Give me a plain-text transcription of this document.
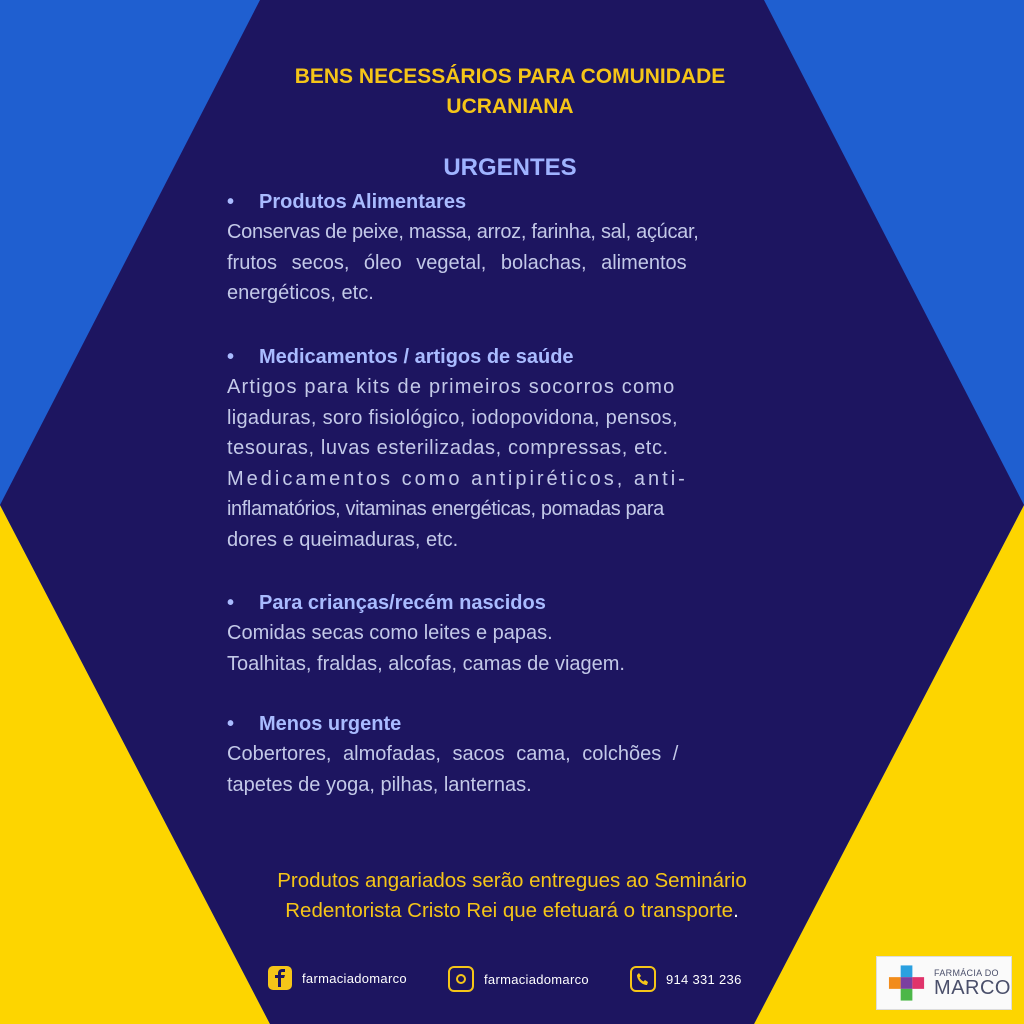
BENS NECESSÁRIOS PARA COMUNIDADE
UCRANIANA
URGENTES
•	Produtos Alimentares
Conservas de peixe, massa, arroz, farinha, sal, açúcar,
frutos secos, óleo vegetal, bolachas, alimentos
energéticos, etc.
•	Medicamentos / artigos de saúde
Artigos para kits de primeiros socorros como
ligaduras, soro fisiológico, iodopovidona, pensos,
tesouras, luvas esterilizadas, compressas, etc.
Medicamentos como antipiréticos, anti-
inflamatórios, vitaminas energéticas, pomadas para
dores e queimaduras, etc.
•	Para crianças/recém nascidos
Comidas secas como leites e papas.
Toalhitas, fraldas, alcofas, camas de viagem.
•	Menos urgente
Cobertores, almofadas, sacos cama, colchões /
tapetes de yoga, pilhas, lanternas.
Produtos angariados serão entregues ao Seminário
Redentorista Cristo Rei que efetuará o transporte.
farmaciadomarco	farmaciadomarco	914 331 236	FARMÁCIA DO
MARCO
